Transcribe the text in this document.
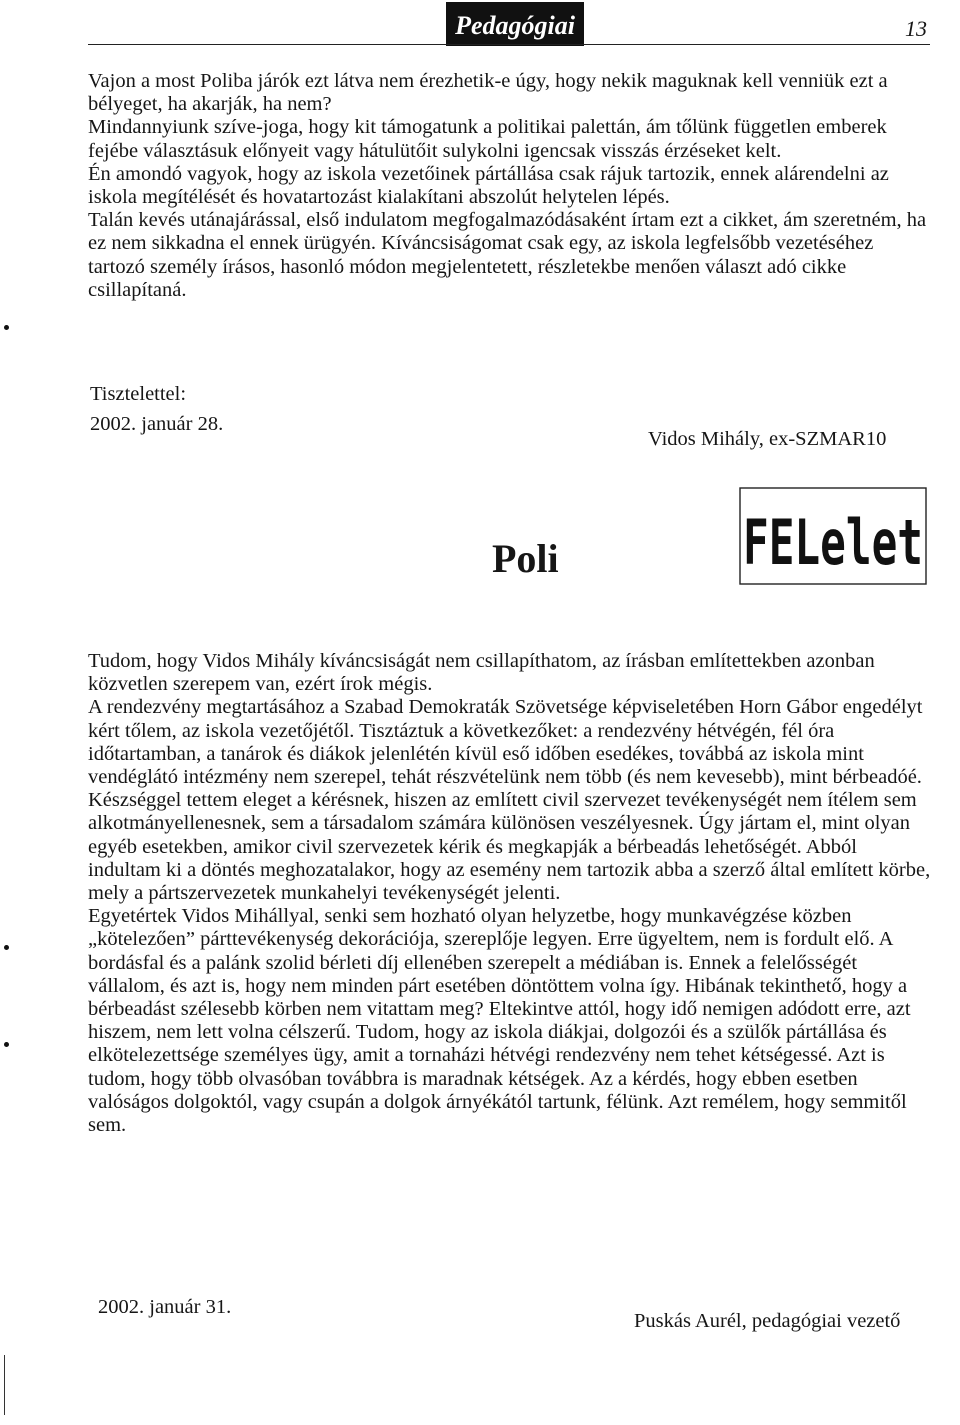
Pedagógiai	13

Vajon a most Poliba járók ezt látva nem érezhetik-e úgy, hogy nekik maguknak kell venniük ezt a bélyeget, ha akarják, ha nem?

Mindannyiunk szíve-joga, hogy kit támogatunk a politikai palettán, ám tőlünk független emberek fejébe választásuk előnyeit vagy hátulütőit sulykolni igencsak visszás érzéseket kelt.

Én amondó vagyok, hogy az iskola vezetőinek pártállása csak rájuk tartozik, ennek alárendelni az iskola megítélését és hovatartozást kialakítani abszolút helytelen lépés.

Talán kevés utánajárással, első indulatom megfogalmazódásaként írtam ezt a cikket, ám szeretném, ha ez nem sikkadna el ennek ürügyén. Kíváncsiságomat csak egy, az iskola legfelsőbb vezetéséhez tartozó személy írásos, hasonló módon megjelentetett, részletekbe menően választ adó cikke csillapítaná.

Tisztelettel:
2002. január 28.
Vidos Mihály, ex-SZMAR10
Poli	FELelet

Tudom, hogy Vidos Mihály kíváncsiságát nem csillapíthatom, az írásban említettekben azonban közvetlen szerepem van, ezért írok mégis.

A rendezvény megtartásához a Szabad Demokraták Szövetsége képviseletében Horn Gábor engedélyt kért tőlem, az iskola vezetőjétől. Tisztáztuk a következőket: a rendezvény hétvégén, fél óra időtartamban, a tanárok és diákok jelenlétén kívül eső időben esedékes, továbbá az iskola mint vendéglátó intézmény nem szerepel, tehát részvételünk nem több (és nem kevesebb), mint bérbeadóé. Készséggel tettem eleget a kérésnek, hiszen az említett civil szervezet tevékenységét nem ítélem sem alkotmányellenesnek, sem a társadalom számára különösen veszélyesnek. Úgy jártam el, mint olyan egyéb esetekben, amikor civil szervezetek kérik és megkapják a bérbeadás lehetőségét. Abból indultam ki a döntés meghozatalakor, hogy az esemény nem tartozik abba a szerző által említett körbe, mely a pártszervezetek munkahelyi tevékenységét jelenti.

Egyetértek Vidos Mihállyal, senki sem hozható olyan helyzetbe, hogy munkavégzése közben „kötelezően” párttevékenység dekorációja, szereplője legyen. Erre ügyeltem, nem is fordult elő. A bordásfal és a palánk szolid bérleti díj ellenében szerepelt a médiában is. Ennek a felelősségét vállalom, és azt is, hogy nem minden párt esetében döntöttem volna így. Hibának tekinthető, hogy a bérbeadást szélesebb körben nem vitattam meg? Eltekintve attól, hogy idő nemigen adódott erre, azt hiszem, nem lett volna célszerű. Tudom, hogy az iskola diákjai, dolgozói és a szülők pártállása és elkötelezettsége személyes ügy, amit a tornaházi hétvégi rendezvény nem tehet kétségessé. Azt is tudom, hogy több olvasóban továbbra is maradnak kétségek. Az a kérdés, hogy ebben esetben valóságos dolgoktól, vagy csupán a dolgok árnyékától tartunk, félünk. Azt remélem, hogy semmitől sem.

2002. január 31.
Puskás Aurél, pedagógiai vezető
